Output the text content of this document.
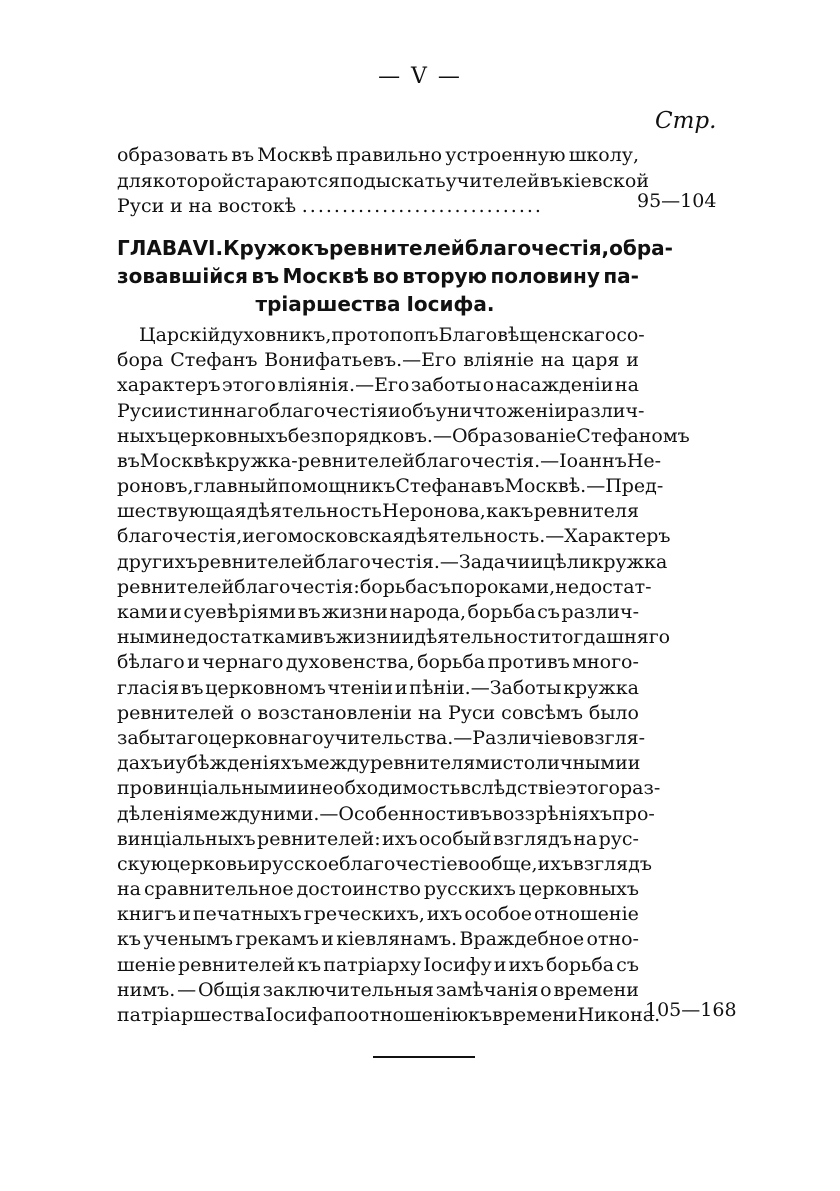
— V —
Стр.
образовать въ Москвѣ правильно устроенную школу,
для которой стараются подыскать учителей въ кіевской
Руси и на востокѣ ..............................	95—104
ГЛАВА VI. Кружокъ ревнителей благочестія, обра-
зовавшійся въ Москвѣ во вторую половину па-
тріаршества Іосифа.
Царскій духовникъ, протопопъ Благовѣщенскаго со-
бора Стефанъ Вонифатьевъ.—Его вліяніе на царя и
характеръ этого вліянія.—Его заботы о насажденіи на
Руси истиннаго благочестія и объ уничтоженіи различ-
ныхъ церковныхъ безпорядковъ.—Образованіе Стефаномъ
въ Москвѣ кружка-ревнителей благочестія.—Іоаннъ Не-
роновъ, главный помощникъ Стефана въ Москвѣ.—Пред-
шествующая дѣятельность Неронова, какъ ревнителя
благочестія, и его московская дѣятельность.—Характеръ
другихъ ревнителей благочестія.—Задачи и цѣли кружка
ревнителей благочестія: борьба съ пороками, недостат-
ками и суевѣріями въ жизни народа, борьба съ различ-
ными недостатками въ жизни и дѣятельности тогдашняго
бѣлаго и чернаго духовенства, борьба противъ много-
гласія въ церковномъ чтеніи и пѣніи.—Заботы кружка
ревнителей о возстановленіи на Руси совсѣмъ было
забытаго церковнаго учительства.—Различіе во взгля-
дахъ и убѣжденіяхъ между ревнителями столичными и
провинціальными и необходимость вслѣдствіе этого раз-
дѣленія между ними.—Особенности въ воззрѣніяхъ про-
винціальныхъ ревнителей: ихъ особый взглядъ на рус-
скую церковь и русское благочестіе вообще, ихъ взглядъ
на сравнительное достоинство русскихъ церковныхъ
книгъ и печатныхъ греческихъ, ихъ особое отношеніе
къ ученымъ грекамъ и кіевлянамъ. Враждебное отно-
шеніе ревнителей къ патріарху Іосифу и ихъ борьба съ
нимъ. — Общія заключительныя замѣчанія о времени
патріаршества Іосифа по отношенію къ времени Никона.
105—168
